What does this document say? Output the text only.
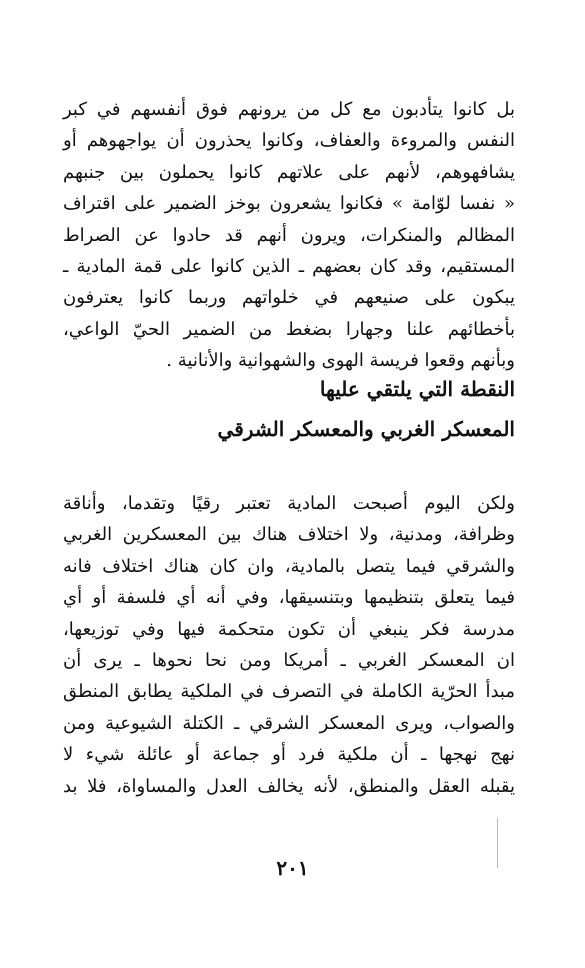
بل كانوا يتأدبون مع كل من يرونهم فوق أنفسهم في كبر
النفس والمروءة والعفاف، وكانوا يحذرون أن يواجهوهم أو
يشافهوهم، لأنهم على علاتهم كانوا يحملون بين جنبهم
« نفسا لوّامة » فكانوا يشعرون بوخز الضمير على اقتراف
المظالم والمنكرات، ويرون أنهم قد حادوا عن الصراط
المستقيم، وقد كان بعضهم ـ الذين كانوا على قمة المادية ـ
يبكون على صنيعهم في خلواتهم وربما كانوا يعترفون
بأخطائهم علنا وجهارا بضغط من الضمير الحيّ الواعي،
وبأنهم وقعوا فريسة الهوى والشهوانية والأنانية .
النقطة التي يلتقي عليها
المعسكر الغربي والمعسكر الشرقي
ولكن اليوم أصبحت المادية تعتبر رقيًا وتقدما، وأناقة
وظرافة، ومدنية، ولا اختلاف هناك بين المعسكرين الغربي
والشرقي فيما يتصل بالمادية، وان كان هناك اختلاف فانه
فيما يتعلق بتنظيمها وبتنسيقها، وفي أنه أي فلسفة أو أي
مدرسة فكر ينبغي أن تكون متحكمة فيها وفي توزيعها،
ان المعسكر الغربي ـ أمريكا ومن نحا نحوها ـ يرى أن
مبدأ الحرّية الكاملة في التصرف في الملكية يطابق المنطق
والصواب، ويرى المعسكر الشرقي ـ الكتلة الشيوعية ومن
نهج نهجها ـ أن ملكية فرد أو جماعة أو عائلة شيء لا
يقبله العقل والمنطق، لأنه يخالف العدل والمساواة، فلا بد
٢٠١
